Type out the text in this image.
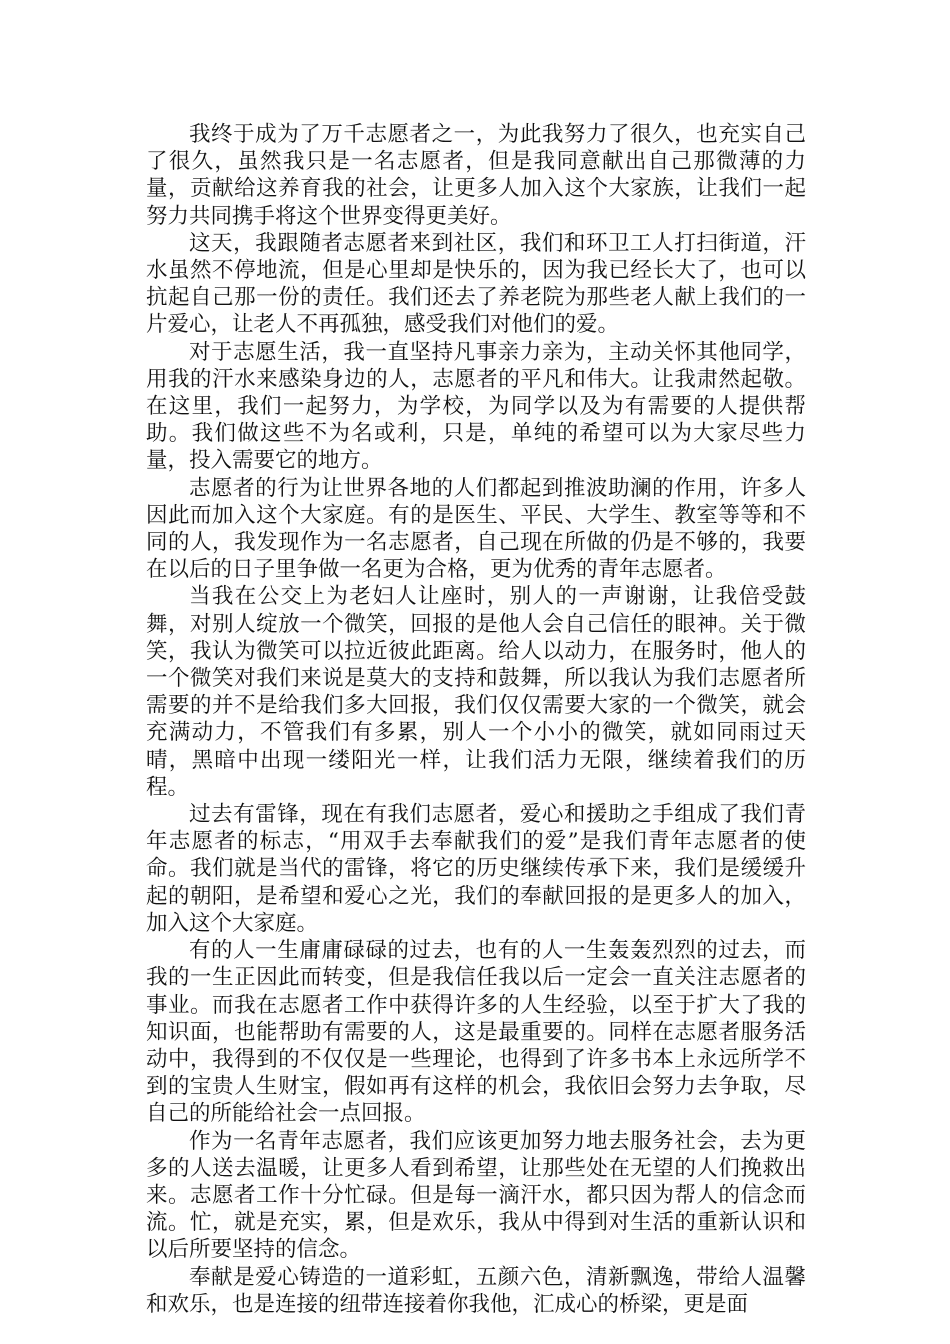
我终于成为了万千志愿者之一，为此我努力了很久，也充实自己了很久，虽然我只是一名志愿者，但是我同意献出自己那微薄的力量，贡献给这养育我的社会，让更多人加入这个大家族，让我们一起努力共同携手将这个世界变得更美好。

这天，我跟随者志愿者来到社区，我们和环卫工人打扫街道，汗水虽然不停地流，但是心里却是快乐的，因为我已经长大了，也可以抗起自己那一份的责任。我们还去了养老院为那些老人献上我们的一片爱心，让老人不再孤独，感受我们对他们的爱。

对于志愿生活，我一直坚持凡事亲力亲为，主动关怀其他同学，用我的汗水来感染身边的人，志愿者的平凡和伟大。让我肃然起敬。在这里，我们一起努力，为学校，为同学以及为有需要的人提供帮助。我们做这些不为名或利，只是，单纯的希望可以为大家尽些力量，投入需要它的地方。

志愿者的行为让世界各地的人们都起到推波助澜的作用，许多人因此而加入这个大家庭。有的是医生、平民、大学生、教室等等和不同的人，我发现作为一名志愿者，自己现在所做的仍是不够的，我要在以后的日子里争做一名更为合格，更为优秀的青年志愿者。

当我在公交上为老妇人让座时，别人的一声谢谢，让我倍受鼓舞，对别人绽放一个微笑，回报的是他人会自己信任的眼神。关于微笑，我认为微笑可以拉近彼此距离。给人以动力，在服务时，他人的一个微笑对我们来说是莫大的支持和鼓舞，所以我认为我们志愿者所需要的并不是给我们多大回报，我们仅仅需要大家的一个微笑，就会充满动力，不管我们有多累，别人一个小小的微笑，就如同雨过天晴，黑暗中出现一缕阳光一样，让我们活力无限，继续着我们的历程。

过去有雷锋，现在有我们志愿者，爱心和援助之手组成了我们青年志愿者的标志，“用双手去奉献我们的爱”是我们青年志愿者的使命。我们就是当代的雷锋，将它的历史继续传承下来，我们是缓缓升起的朝阳，是希望和爱心之光，我们的奉献回报的是更多人的加入，加入这个大家庭。

有的人一生庸庸碌碌的过去，也有的人一生轰轰烈烈的过去，而我的一生正因此而转变，但是我信任我以后一定会一直关注志愿者的事业。而我在志愿者工作中获得许多的人生经验，以至于扩大了我的知识面，也能帮助有需要的人，这是最重要的。同样在志愿者服务活动中，我得到的不仅仅是一些理论，也得到了许多书本上永远所学不到的宝贵人生财宝，假如再有这样的机会，我依旧会努力去争取，尽自己的所能给社会一点回报。

作为一名青年志愿者，我们应该更加努力地去服务社会，去为更多的人送去温暖，让更多人看到希望，让那些处在无望的人们挽救出来。志愿者工作十分忙碌。但是每一滴汗水，都只因为帮人的信念而流。忙，就是充实，累，但是欢乐，我从中得到对生活的重新认识和以后所要坚持的信念。

奉献是爱心铸造的一道彩虹，五颜六色，清新飘逸，带给人温馨和欢乐，也是连接的纽带连接着你我他，汇成心的桥梁，更是面
